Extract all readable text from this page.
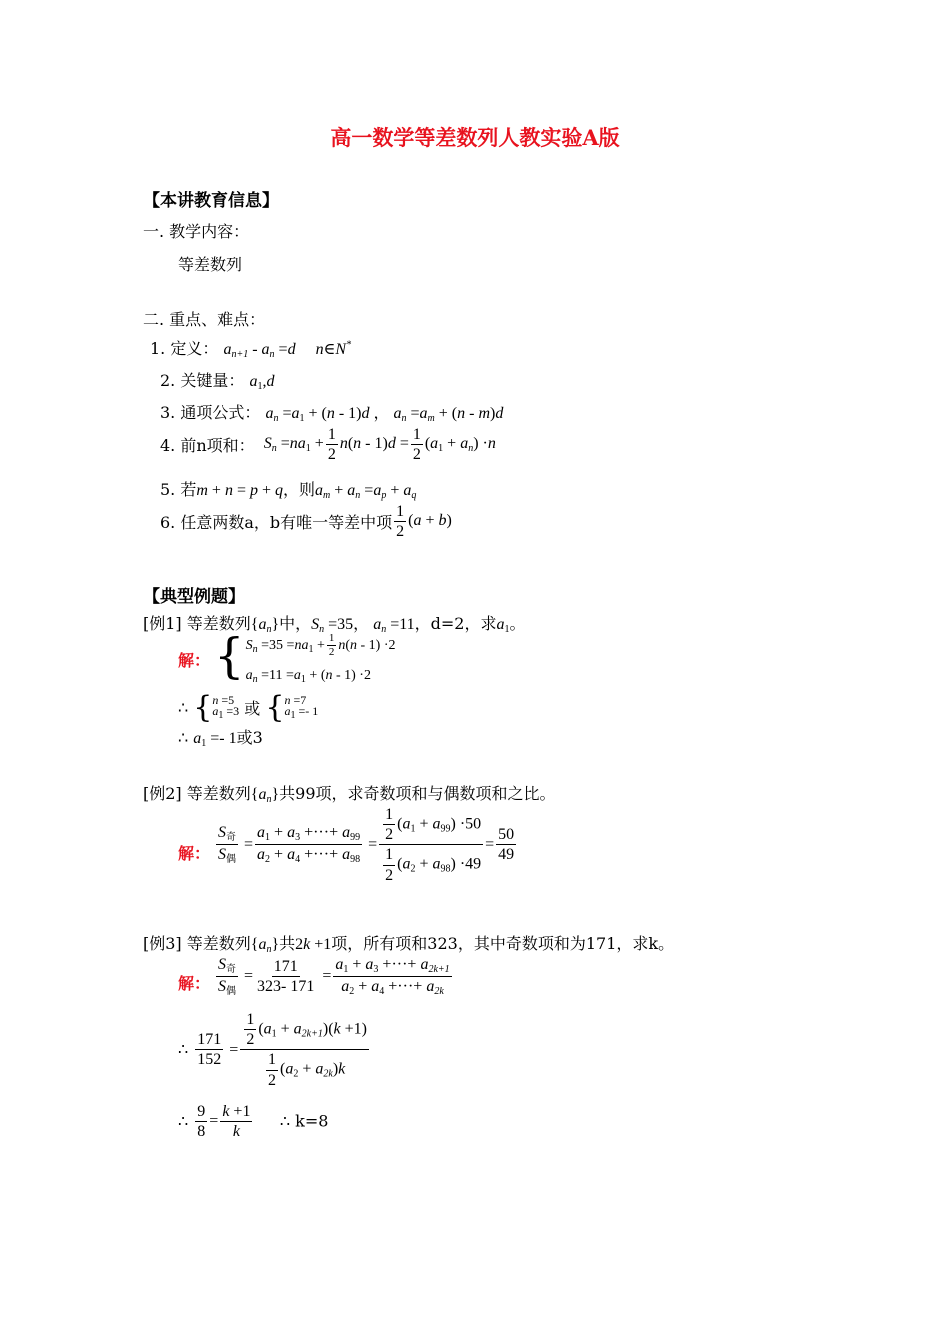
高一数学等差数列人教实验A版
【本讲教育信息】
一. 教学内容：
等差数列
二. 重点、难点：
1. 定义： $a_{n+1} - a_n =d$     n∈N*
2. 关键量： $a_1,d$
3. 通项公式： $a_n =a_1 + (n - 1)d$ ， $a_n =a_m + (n - m)d$
4. 前n项和：  $S_n =na_1 + \frac{1}{2} n(n - 1)d = \frac{1}{2} (a_1 + a_n) \cdot n$
5. 若m + n = p + q，则$a_m + a_n =a_p + a_q$
6. 任意两数a，b有唯一等差中项 $\frac{1}{2} (a + b)$
【典型例题】
[例1] 等差数列$\{a_n\}$中，$S_n =35$， $a_n =11$，d=2，求$a_1$。
解： { $S_n =35 =na_1 + \frac{1}{2} n(n - 1) \cdot 2$
$a_n =11 =a_1 + (n - 1) \cdot 2$
∴ {n =5
$a_1 =3$ 或 {n =7
$a_1 =- 1$
∴ $a_1 =- 1$或3
[例2] 等差数列$\{a_n\}$共99项，求奇数项和与偶数项和之比。
解： $\frac{S_奇}{S_偶} = \frac{a_1 + a_3 +\cdot\cdot\cdot+ a_{99}}{a_2 + a_4 +\cdot\cdot\cdot+ a_{98}} = \frac{\frac{1}{2} (a_1 + a_{99}) \cdot 50}{\frac{1}{2} (a_2 + a_{98}) \cdot 49} = \frac{50}{49}$
[例3] 等差数列$\{a_n\}$共2k +1项，所有项和323，其中奇数项和为171，求k。
解： $\frac{S_奇}{S_偶} = \frac{171}{323- 171} = \frac{a_1 + a_3 +\cdot\cdot\cdot+ a_{2k+1}}{a_2 + a_4 +\cdot\cdot\cdot+ a_{2k}}$
∴ $\frac{171}{152} = \frac{\frac{1}{2} (a_1 + a_{2k+1})(k +1)}{\frac{1}{2} (a_2 + a_{2k})k}$
∴ $\frac{9}{8} = \frac{k +1}{k}$ ∴ k=8
